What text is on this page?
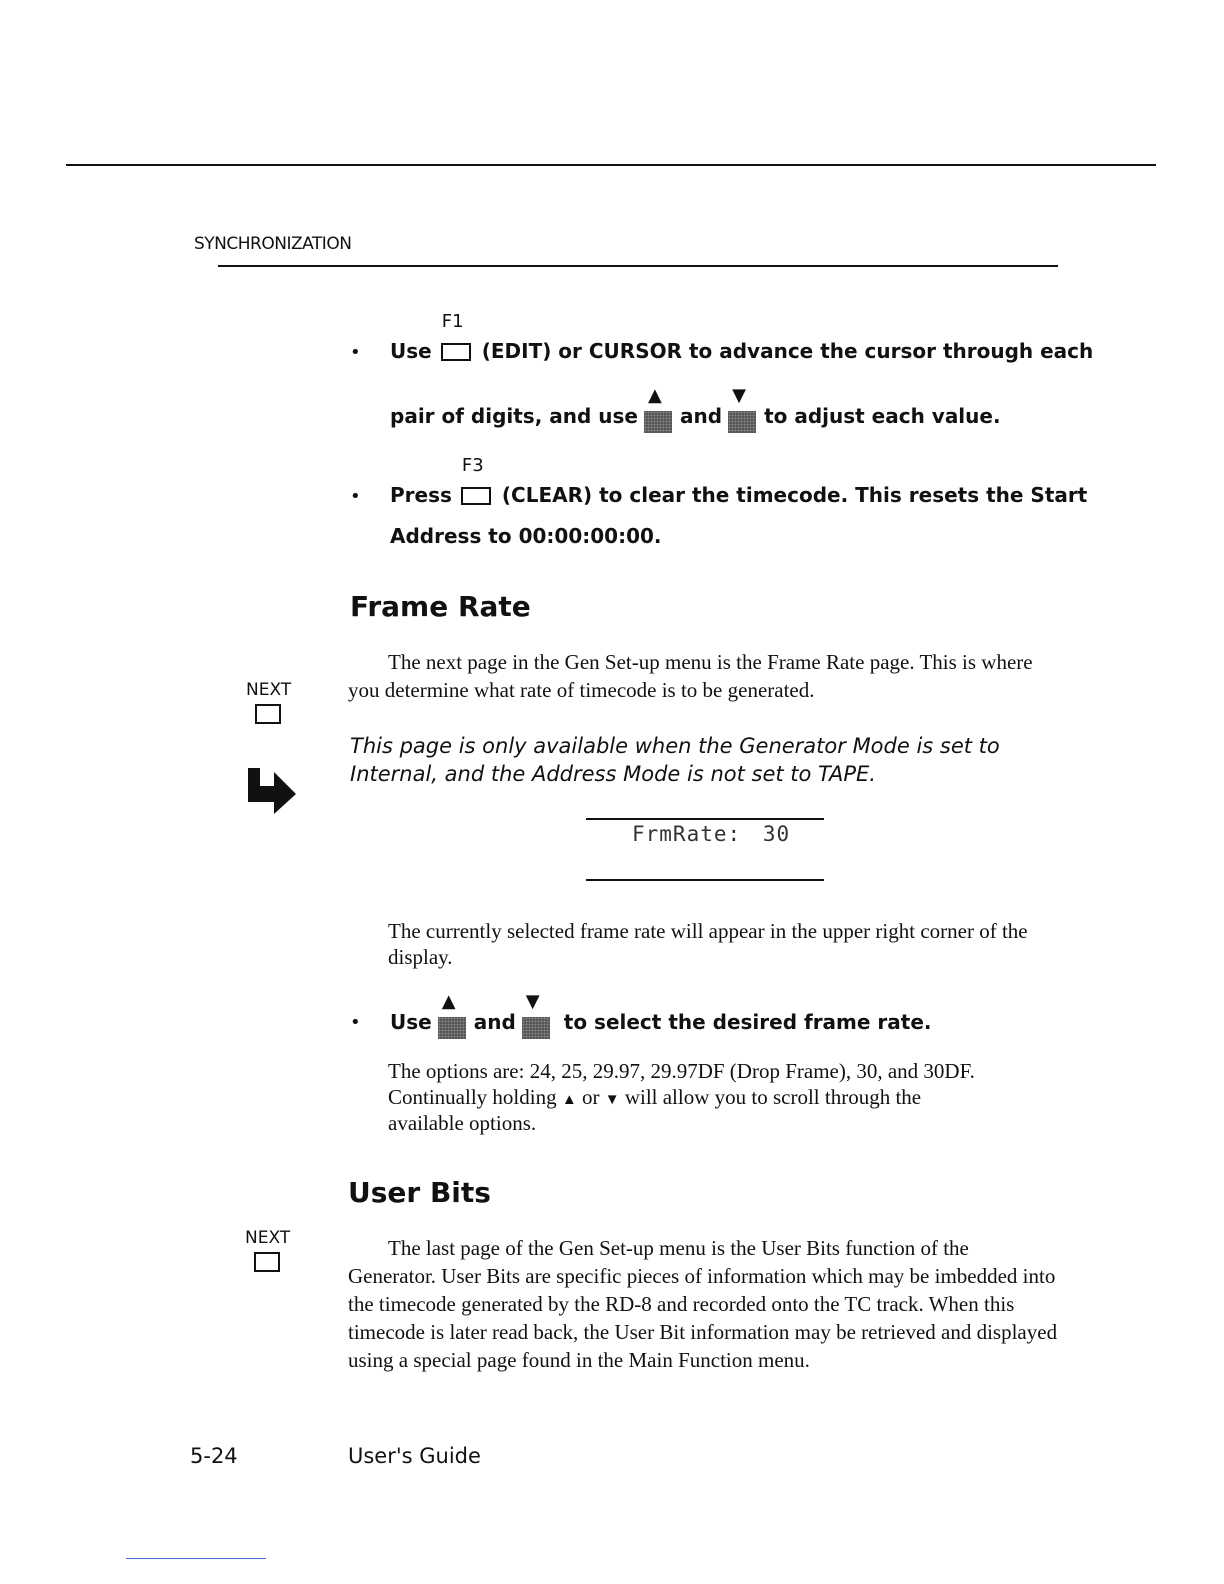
SYNCHRONIZATION
• Use
F1
(EDIT) or CURSOR to advance the cursor through each
pair of digits, and use
▲
and
▼
to adjust each value.
• Press
F3
(CLEAR) to clear the timecode. This resets the Start
Address to 00:00:00:00.
Frame Rate
The next page in the Gen Set-up menu is the Frame Rate page. This is where you determine what rate of timecode is to be generated.
NEXT
This page is only available when the Generator Mode is set to
Internal, and the Address Mode is not set to TAPE.
FrmRate: 30
The currently selected frame rate will appear in the upper right corner of the display.
• Use
▲
and
▼
to select the desired frame rate.
The options are: 24, 25, 29.97, 29.97DF (Drop Frame), 30, and 30DF.
Continually holding ▲ or ▼ will allow you to scroll through the
available options.
User Bits
NEXT	The last page of the Gen Set-up menu is the User Bits function of the Generator. User Bits are specific pieces of information which may be imbedded into the timecode generated by the RD-8 and recorded onto the TC track. When this timecode is later read back, the User Bit information may be retrieved and displayed using a special page found in the Main Function menu.
5-24	User's Guide
